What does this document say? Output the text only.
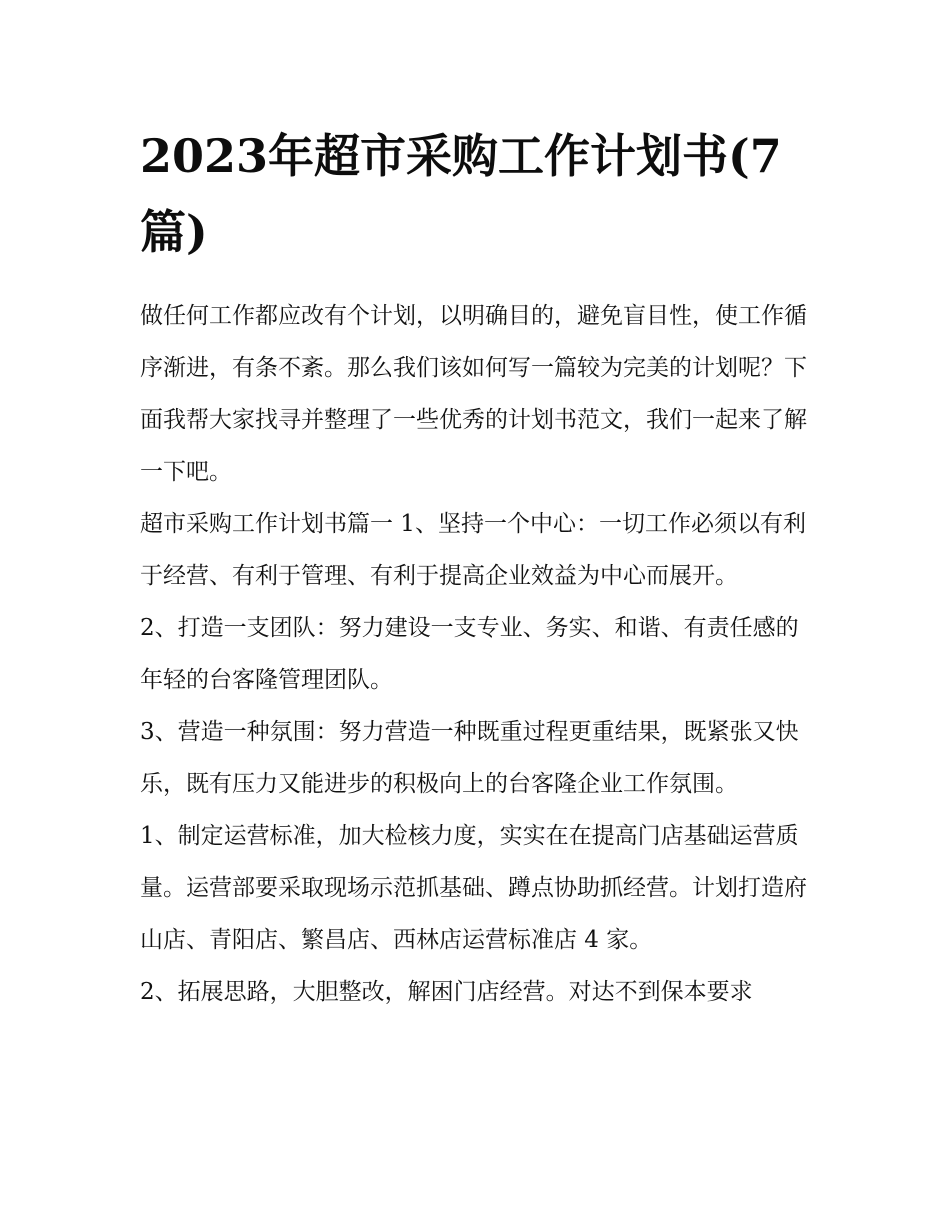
2023年超市采购工作计划书(7篇)

做任何工作都应改有个计划，以明确目的，避免盲目性，使工作循序渐进，有条不紊。那么我们该如何写一篇较为完美的计划呢？下面我帮大家找寻并整理了一些优秀的计划书范文，我们一起来了解一下吧。

超市采购工作计划书篇一 1、坚持一个中心：一切工作必须以有利于经营、有利于管理、有利于提高企业效益为中心而展开。

2、打造一支团队：努力建设一支专业、务实、和谐、有责任感的年轻的台客隆管理团队。

3、营造一种氛围：努力营造一种既重过程更重结果，既紧张又快乐，既有压力又能进步的积极向上的台客隆企业工作氛围。

1、制定运营标准，加大检核力度，实实在在提高门店基础运营质量。运营部要采取现场示范抓基础、蹲点协助抓经营。计划打造府山店、青阳店、繁昌店、西林店运营标准店 4 家。

2、拓展思路，大胆整改，解困门店经营。对达不到保本要求
